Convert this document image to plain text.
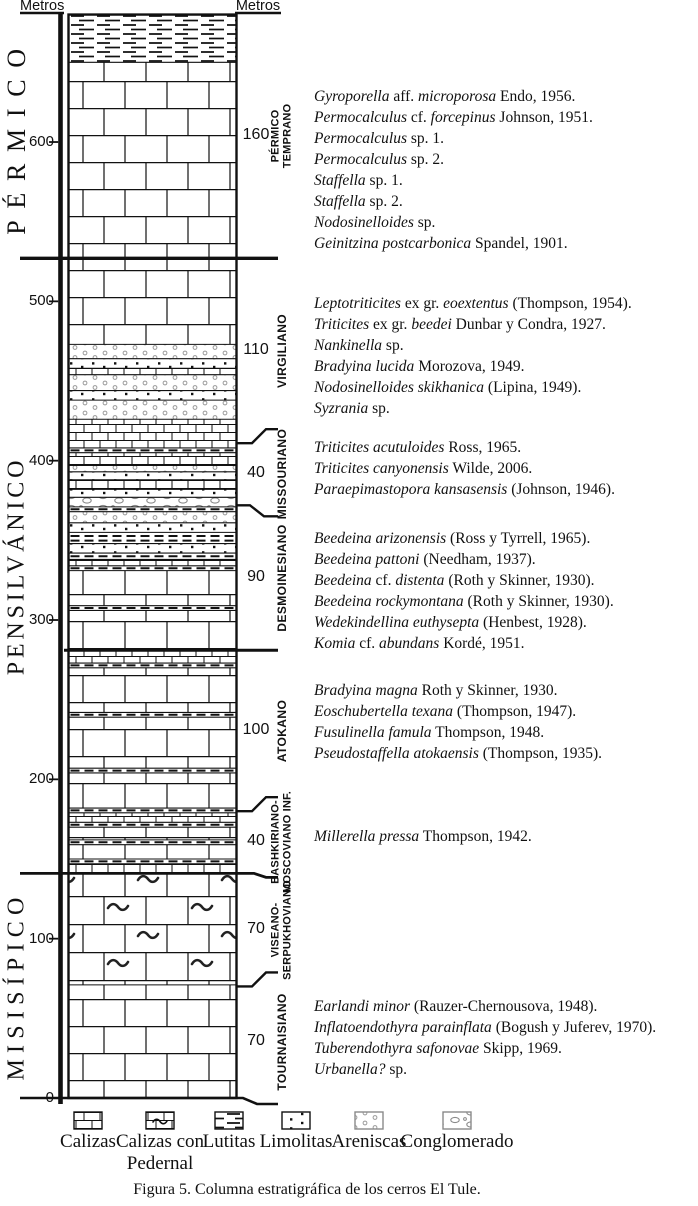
Metros	Metros
600
500
400
300
200
100
0
PÉRMICO TEMPRANO
160
Gyroporella aff. microporosa Endo, 1956.
Permocalculus cf. forcepinus Johnson, 1951.
Permocalculus sp. 1.
Permocalculus sp. 2.
Staffella sp. 1.
Staffella sp. 2.
Nodosinelloides sp.
Geinitzina postcarbonica Spandel, 1901.
VIRGILIANO
110
Leptotriticites ex gr. eoextentus (Thompson, 1954).
Triticites ex gr. beedei Dunbar y Condra, 1927.
Nankinella sp.
Bradyina lucida Morozova, 1949.
Nodosinelloides skikhanica (Lipina, 1949).
Syzrania sp.
MISSOURIANO
40
Triticites acutuloides Ross, 1965.
Triticites canyonensis Wilde, 2006.
Paraepimastopora kansasensis (Johnson, 1946).
DESMOINESIANO
90
Beedeina arizonensis (Ross y Tyrrell, 1965).
Beedeina pattoni (Needham, 1937).
Beedeina cf. distenta (Roth y Skinner, 1930).
Beedeina rockymontana (Roth y Skinner, 1930).
Wedekindellina euthysepta (Henbest, 1928).
Komia cf. abundans Kordé, 1951.
ATOKANO
100
Bradyina magna Roth y Skinner, 1930.
Eoschubertella texana (Thompson, 1947).
Fusulinella famula Thompson, 1948.
Pseudostaffella atokaensis (Thompson, 1935).
BASHKIRIANO- MOSCOVIANO INF.
40	Millerella pressa Thompson, 1942.
VISEANO- SERPUKHOVIANO
70
TOURNAISIANO
70
Earlandi minor (Rauzer-Chernousova, 1948).
Inflatoendothyra parainflata (Bogush y Juferev, 1970).
Tuberendothyra safonovae Skipp, 1969.
Urbanella? sp.
PÉRMICO
PENSILVÁNICO
MISISÍPICO
Calizas Calizas con
Pedernal
Lutitas Limolitas Areniscas
Conglomerado
Figura 5. Columna estratigráfica de los cerros El Tule.
